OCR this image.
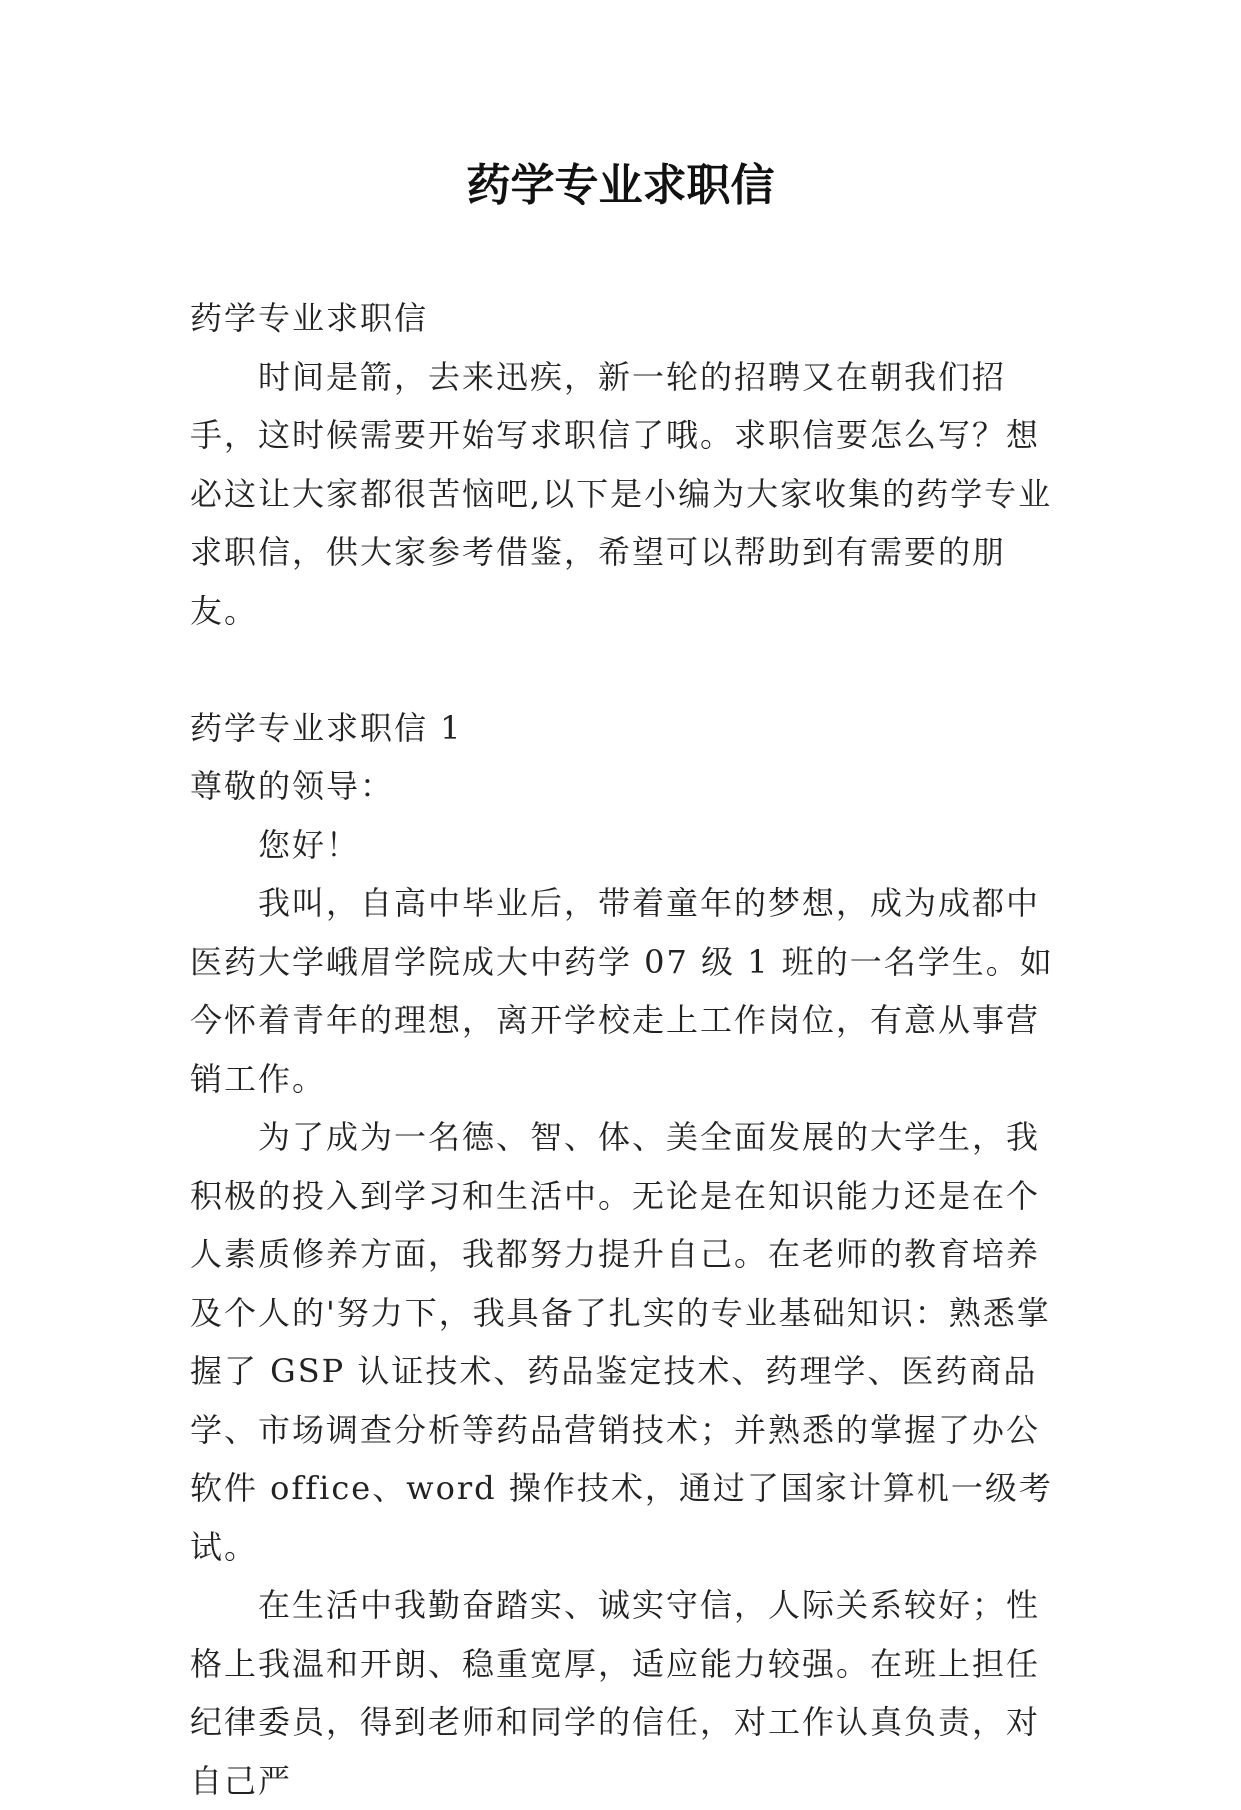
药学专业求职信

药学专业求职信

时间是箭，去来迅疾，新一轮的招聘又在朝我们招手，这时候需要开始写求职信了哦。求职信要怎么写？想必这让大家都很苦恼吧,以下是小编为大家收集的药学专业求职信，供大家参考借鉴，希望可以帮助到有需要的朋友。

药学专业求职信 1

尊敬的领导：

您好！

我叫，自高中毕业后，带着童年的梦想，成为成都中医药大学峨眉学院成大中药学 07 级 1 班的一名学生。如今怀着青年的理想，离开学校走上工作岗位，有意从事营销工作。

为了成为一名德、智、体、美全面发展的大学生，我积极的投入到学习和生活中。无论是在知识能力还是在个人素质修养方面，我都努力提升自己。在老师的教育培养及个人的'努力下，我具备了扎实的专业基础知识：熟悉掌握了 GSP 认证技术、药品鉴定技术、药理学、医药商品学、市场调查分析等药品营销技术；并熟悉的掌握了办公软件 office、word 操作技术，通过了国家计算机一级考试。

在生活中我勤奋踏实、诚实守信，人际关系较好；性格上我温和开朗、稳重宽厚，适应能力较强。在班上担任纪律委员，得到老师和同学的信任，对工作认真负责，对自己严
